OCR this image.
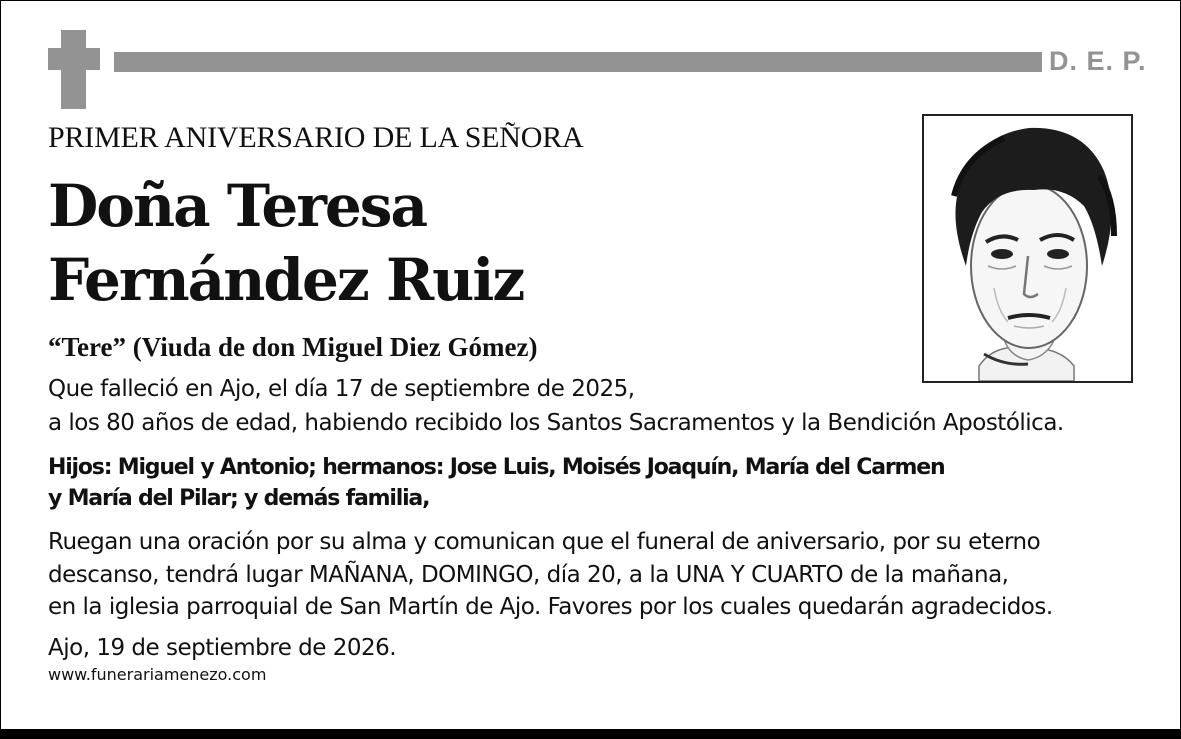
D. E. P.
PRIMER ANIVERSARIO DE LA SEÑORA
Doña Teresa
Fernández Ruiz
“Tere” (Viuda de don Miguel Diez Gómez)
Que falleció en Ajo, el día 17 de septiembre de 2025,
a los 80 años de edad, habiendo recibido los Santos Sacramentos y la Bendición Apostólica.
Hijos: Miguel y Antonio; hermanos: Jose Luis, Moisés Joaquín, María del Carmen
y María del Pilar; y demás familia,
Ruegan una oración por su alma y comunican que el funeral de aniversario, por su eterno
descanso, tendrá lugar MAÑANA, DOMINGO, día 20, a la UNA Y CUARTO de la mañana,
en la iglesia parroquial de San Martín de Ajo. Favores por los cuales quedarán agradecidos.
Ajo, 19 de septiembre de 2026.
www.funerariamenezo.com
